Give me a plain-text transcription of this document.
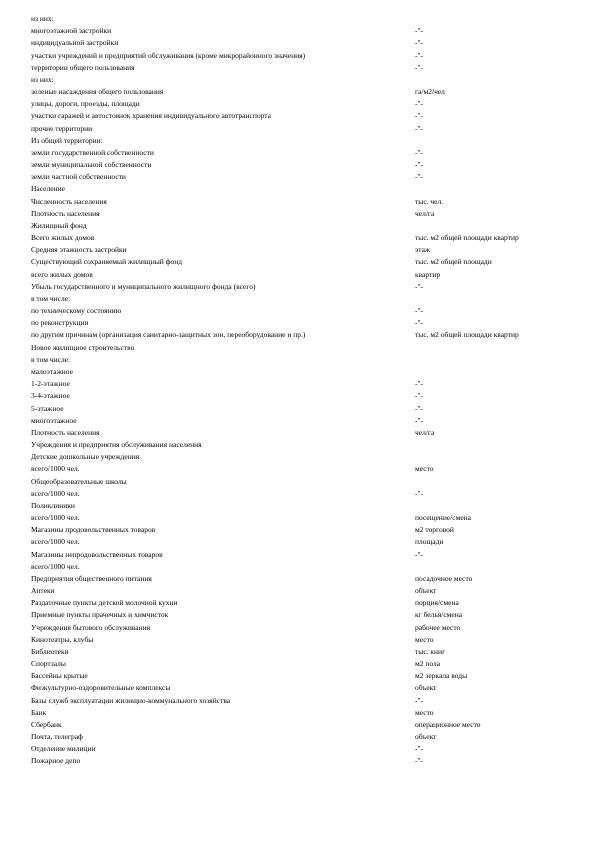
из них:
многоэтажной застройки	-"-
индивидуальной застройки	-"-
участки учреждений и предприятий обслуживания (кроме микрорайонного значения)	-"-
территории общего пользования	-"-
из них:
зеленые насаждения общего пользования	га/м2/чел
улицы, дороги, проезды, площади	-"-
участки гаражей и автостоянок хранения индивидуального автотранспорта	-"-
прочие территории	-"-
Из общей территории:
земли государственной собственности	-"-
земли муниципальной собственности	-"-
земли частной собственности	-"-
Население
Численность населения	тыс. чел.
Плотность населения	чел/га
Жилищный фонд
Всего жилых домов	тыс. м2 общей площади квартир
Средняя этажность застройки	этаж
Существующий сохраняемый жилищный фонд	тыс. м2 общей площади
всего жилых домов	квартир
Убыль государственного и муниципального жилищного фонда (всего)	-"-
в том числе:
по техническому состоянию	-"-
по реконструкции	-"-
по другим причинам (организация санитарно-защитных зон, переоборудование и пр.)	тыс. м2 общей площади квартир
Новое жилищное строительство
в том числе:
малоэтажное
1-2-этажное	-"-
3-4-этажное	-"-
5-этажное	-"-
многоэтажное	-"-
Плотность населения	чел/га
Учреждения и предприятия обслуживания населения
Детские дошкольные учреждения
всего/1000 чел.	место
Общеобразовательные школы
всего/1000 чел.	-"-
Поликлиники
всего/1000 чел.	посещение/смена
Магазины продовольственных товаров	м2 торговой
всего/1000 чел.	площади
Магазины непродовольственных товаров	-"-
всего/1000 чел.
Предприятия общественного питания	посадочное место
Аптеки	объект
Раздаточные пункты детской молочной кухни	порция/смена
Приемные пункты прачечных и химчисток	кг белья/смена
Учреждения бытового обслуживания	рабочее место
Кинотеатры, клубы	место
Библиотеки	тыс. книг
Спортзалы	м2 пола
Бассейны крытые	м2 зеркала воды
Физкультурно-оздоровительные комплексы	объект
Базы служб эксплуатации жилищно-коммунального хозяйства	-"-
Банк	место
Сбербанк	операционное место
Почта, телеграф	объект
Отделение милиции	-"-
Пожарное депо	-"-
